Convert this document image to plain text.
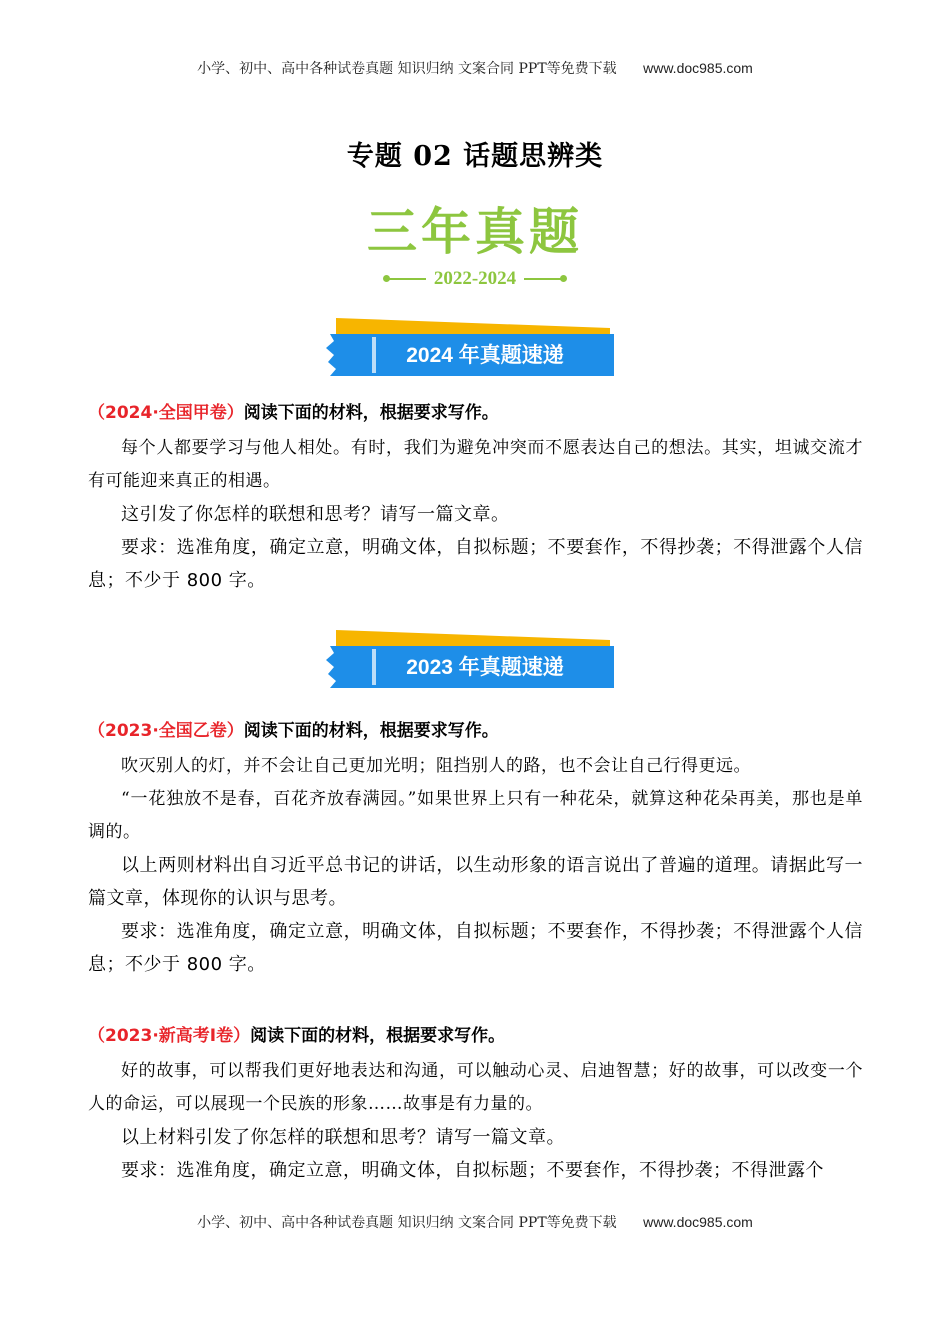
小学、初中、高中各种试卷真题 知识归纳 文案合同 PPT等免费下载 www.doc985.com
专题 02 话题思辨类
三年真题
2022-2024
2024 年真题速递
（2024·全国甲卷）阅读下面的材料，根据要求写作。

每个人都要学习与他人相处。有时，我们为避免冲突而不愿表达自己的想法。其实，坦诚交流才有可能迎来真正的相遇。

这引发了你怎样的联想和思考？请写一篇文章。

要求：选准角度，确定立意，明确文体，自拟标题；不要套作，不得抄袭；不得泄露个人信息；不少于 800 字。

2023 年真题速递
（2023·全国乙卷）阅读下面的材料，根据要求写作。

吹灭别人的灯，并不会让自己更加光明；阻挡别人的路，也不会让自己行得更远。

“一花独放不是春，百花齐放春满园。”如果世界上只有一种花朵，就算这种花朵再美，那也是单调的。

以上两则材料出自习近平总书记的讲话，以生动形象的语言说出了普遍的道理。请据此写一篇文章，体现你的认识与思考。

要求：选准角度，确定立意，明确文体，自拟标题；不要套作，不得抄袭；不得泄露个人信息；不少于 800 字。

（2023·新高考Ⅰ卷）阅读下面的材料，根据要求写作。

好的故事，可以帮我们更好地表达和沟通，可以触动心灵、启迪智慧；好的故事，可以改变一个人的命运，可以展现一个民族的形象……故事是有力量的。

以上材料引发了你怎样的联想和思考？请写一篇文章。

要求：选准角度，确定立意，明确文体，自拟标题；不要套作，不得抄袭；不得泄露个

小学、初中、高中各种试卷真题 知识归纳 文案合同 PPT等免费下载 www.doc985.com
